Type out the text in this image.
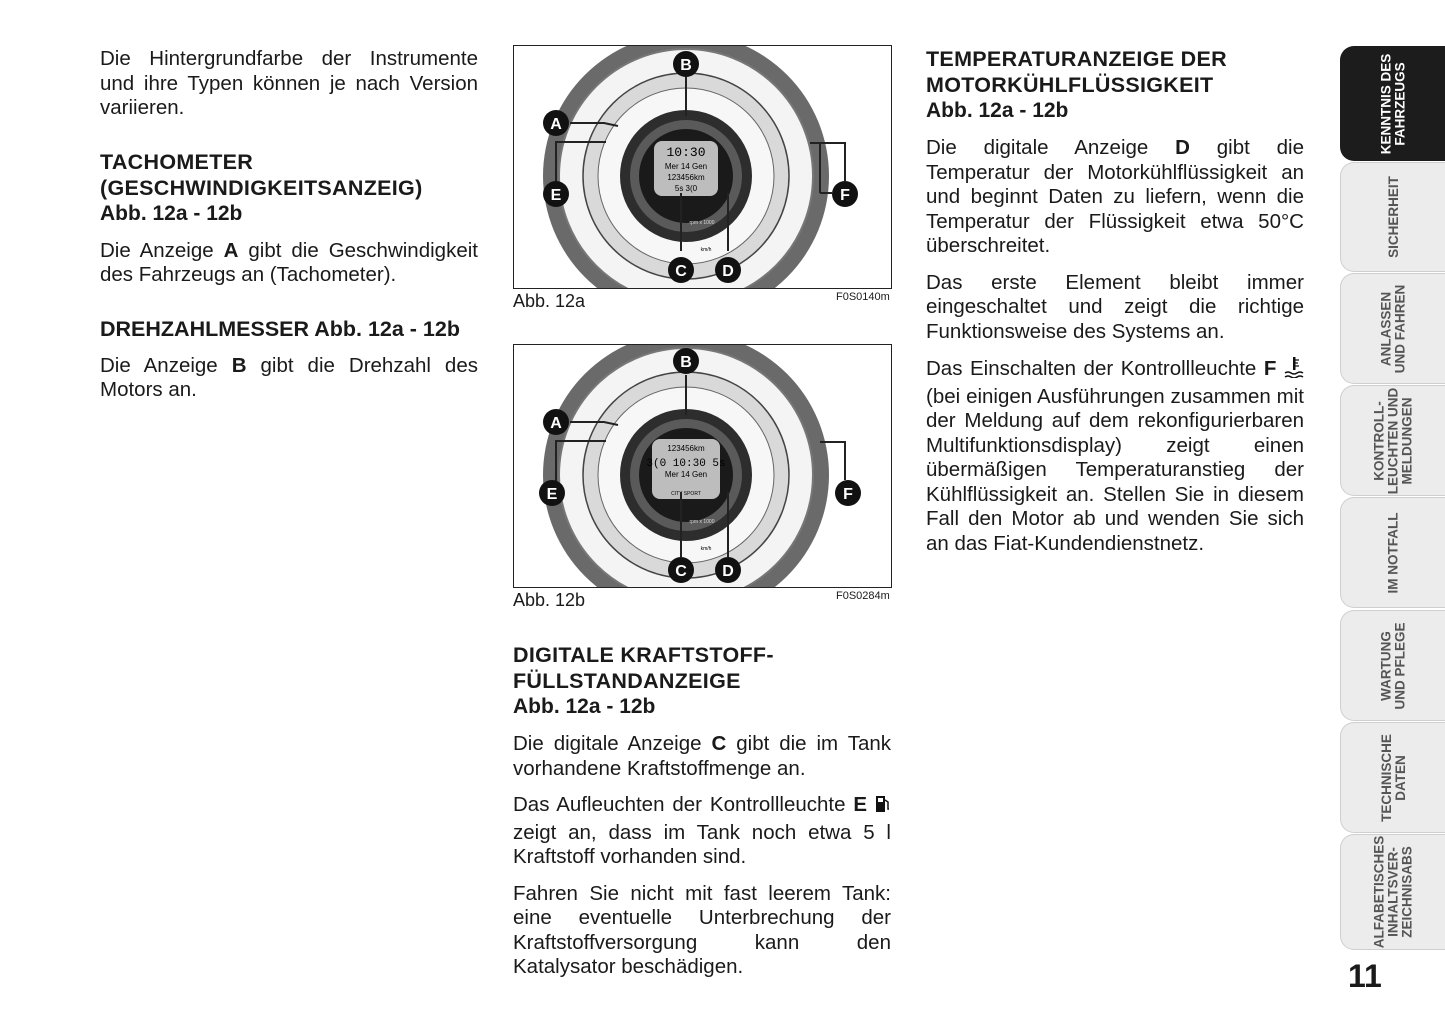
Die Hintergrundfarbe der Instrumente und ihre Typen können je nach Version variieren.

TACHOMETER
(GESCHWINDIGKEITSANZEIG)
Abb. 12a - 12b

Die Anzeige A gibt die Geschwindigkeit des Fahrzeugs an (Tachometer).

DREHZAHLMESSER Abb. 12a - 12b

Die Anzeige B gibt die Drehzahl des Motors an.

10:30
Mer 14 Gen
123456km
5s 3(0
rpm x 1000
km/h
A
B
C D
E	F
Abb. 12a	F0S0140m
123456km
3(0 10:30 5s
Mer 14 Gen
CITY SPORT
rpm x 1000
km/h
A
B
C D
E	F
Abb. 12b	F0S0284m
DIGITALE KRAFTSTOFF-
FÜLLSTANDANZEIGE
Abb. 12a - 12b

Die digitale Anzeige C gibt die im Tank vorhandene Kraftstoffmenge an.

Das Aufleuchten der Kontrollleuchte E  zeigt an, dass im Tank noch etwa 5 l Kraftstoff vorhanden sind.

Fahren Sie nicht mit fast leerem Tank: eine eventuelle Unterbrechung der Kraftstoffversorgung kann den Katalysator beschädigen.

TEMPERATURANZEIGE DER
MOTORKÜHLFLÜSSIGKEIT
Abb. 12a - 12b

Die digitale Anzeige D gibt die Temperatur der Motorkühlflüssigkeit an und beginnt Daten zu liefern, wenn die Temperatur der Flüssigkeit etwa 50°C überschreitet.

Das erste Element bleibt immer eingeschaltet und zeigt die richtige Funktionsweise des Systems an.

Das Einschalten der Kontrollleuchte F  (bei einigen Ausführungen zusammen mit der Meldung auf dem rekonfigurierbaren Multifunktionsdisplay) zeigt einen übermäßigen Temperaturanstieg der Kühlflüssigkeit an. Stellen Sie in diesem Fall den Motor ab und wenden Sie sich an das Fiat-Kundendienstnetz.

KENNTNIS DES FAHRZEUGS
SICHERHEIT
ANLASSEN UND FAHREN
KONTROLL- LEUCHTEN UND MELDUNGEN
IM NOTFALL
WARTUNG UND PFLEGE
TECHNISCHE DATEN
ALFABETISCHES INHALTSVER- ZEICHNISABS
11
